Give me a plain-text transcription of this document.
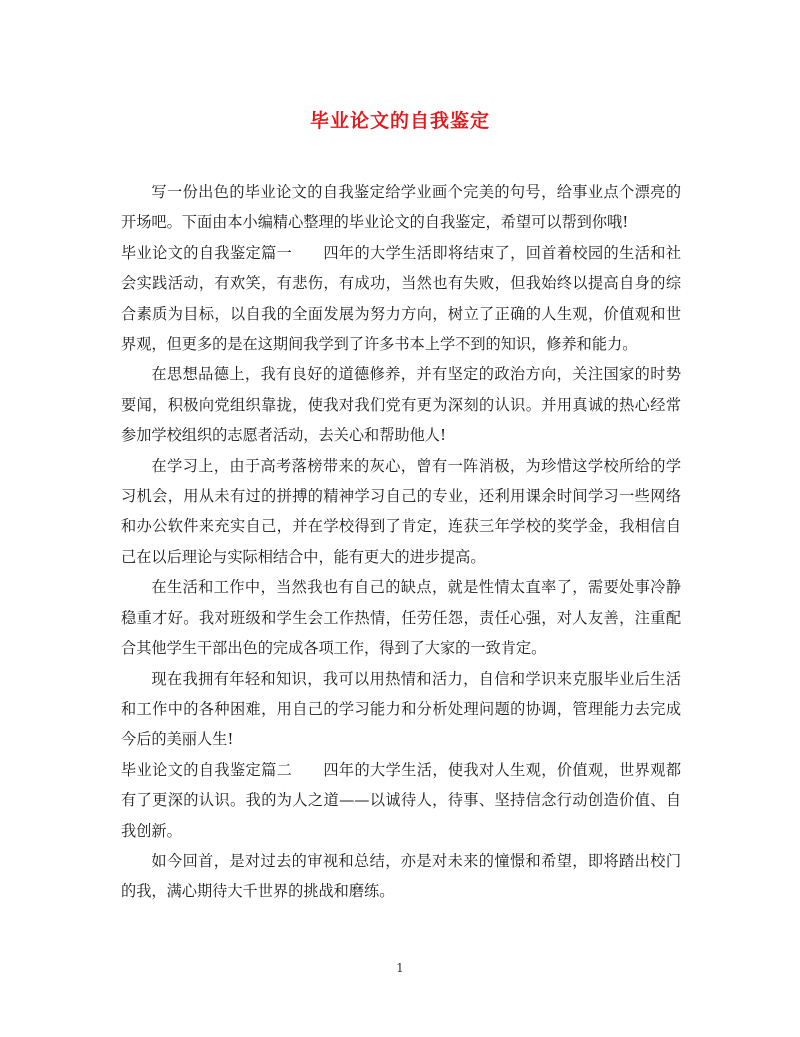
毕业论文的自我鉴定

写一份出色的毕业论文的自我鉴定给学业画个完美的句号，给事业点个漂亮的开场吧。下面由本小编精心整理的毕业论文的自我鉴定，希望可以帮到你哦!

毕业论文的自我鉴定篇一　　四年的大学生活即将结束了，回首着校园的生活和社会实践活动，有欢笑，有悲伤，有成功，当然也有失败，但我始终以提高自身的综合素质为目标，以自我的全面发展为努力方向，树立了正确的人生观，价值观和世界观，但更多的是在这期间我学到了许多书本上学不到的知识，修养和能力。

在思想品德上，我有良好的道德修养，并有坚定的政治方向，关注国家的时势要闻，积极向党组织靠拢，使我对我们党有更为深刻的认识。并用真诚的热心经常参加学校组织的志愿者活动，去关心和帮助他人!

在学习上，由于高考落榜带来的灰心，曾有一阵消极，为珍惜这学校所给的学习机会，用从未有过的拼搏的精神学习自己的专业，还利用课余时间学习一些网络和办公软件来充实自己，并在学校得到了肯定，连获三年学校的奖学金，我相信自己在以后理论与实际相结合中，能有更大的进步提高。

在生活和工作中，当然我也有自己的缺点，就是性情太直率了，需要处事冷静稳重才好。我对班级和学生会工作热情，任劳任怨，责任心强，对人友善，注重配合其他学生干部出色的完成各项工作，得到了大家的一致肯定。

现在我拥有年轻和知识，我可以用热情和活力，自信和学识来克服毕业后生活和工作中的各种困难，用自己的学习能力和分析处理问题的协调，管理能力去完成今后的美丽人生!

毕业论文的自我鉴定篇二　　四年的大学生活，使我对人生观，价值观，世界观都有了更深的认识。我的为人之道——以诚待人，待事、坚持信念行动创造价值、自我创新。

如今回首，是对过去的审视和总结，亦是对未来的憧憬和希望，即将踏出校门的我，满心期待大千世界的挑战和磨练。

1
